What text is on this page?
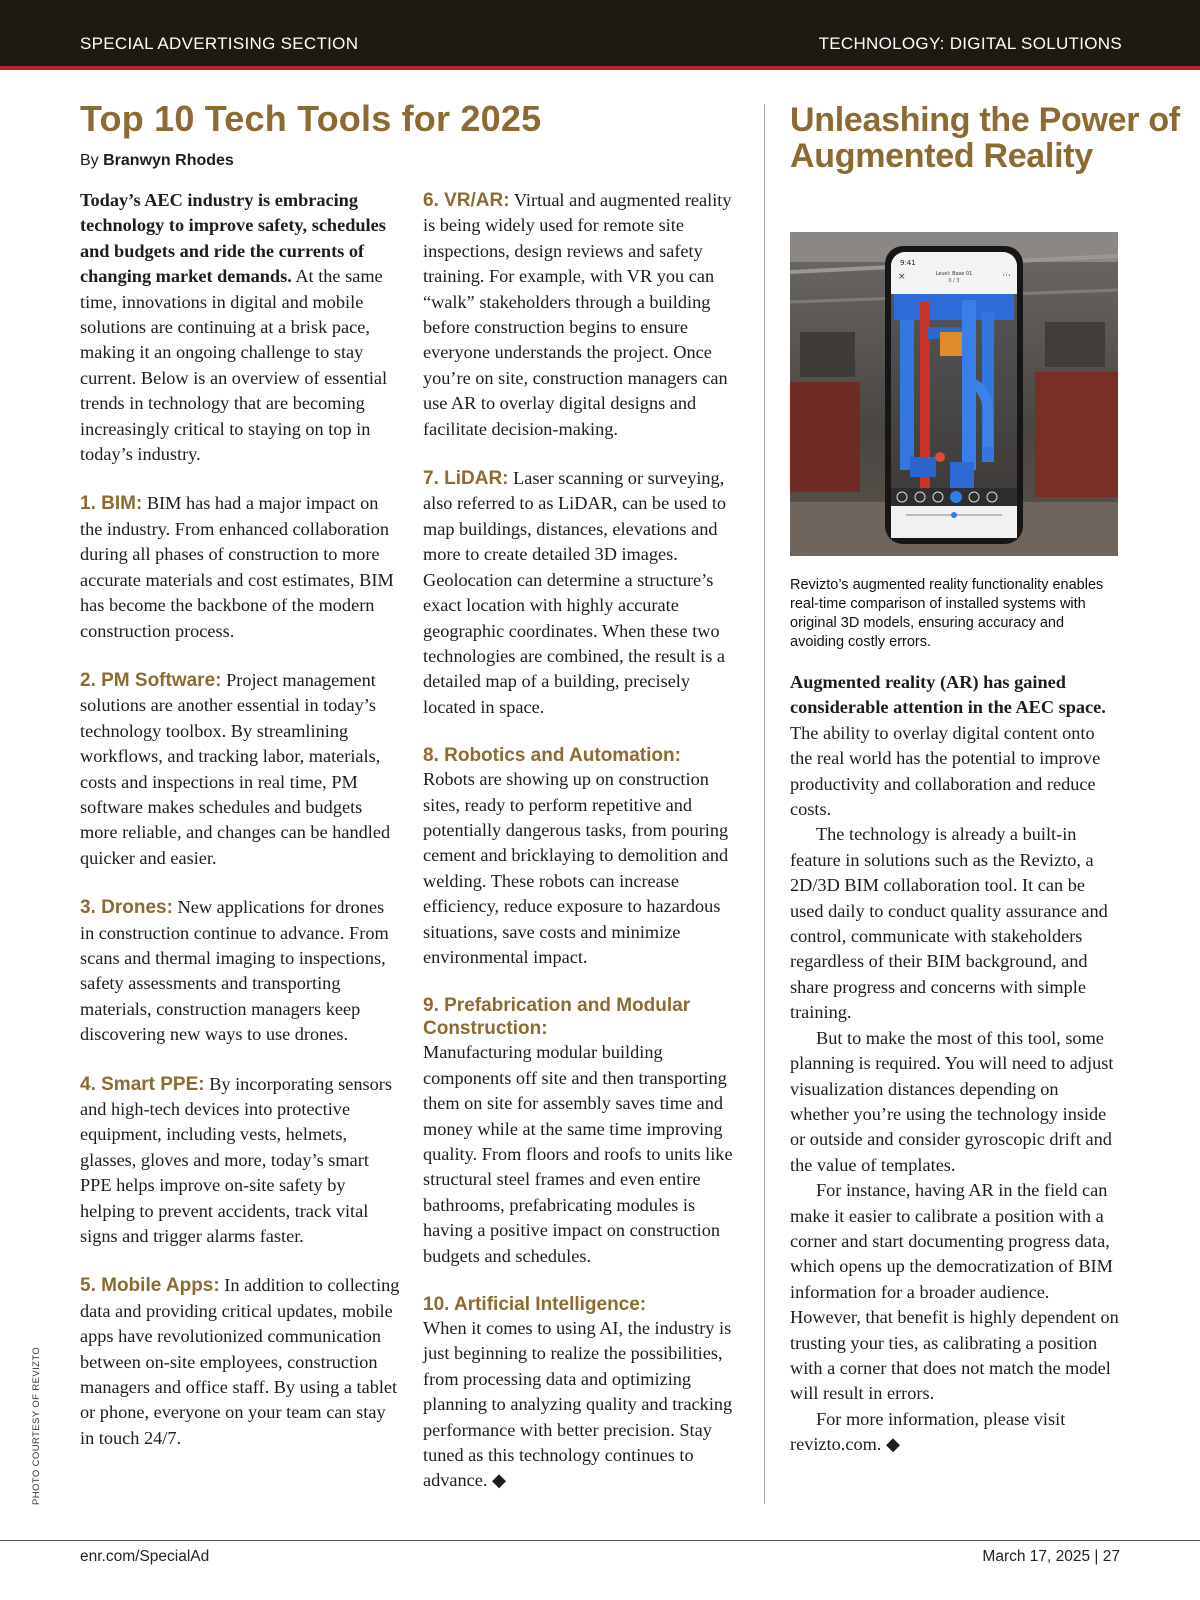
SPECIAL ADVERTISING SECTION	TECHNOLOGY: DIGITAL SOLUTIONS
Top 10 Tech Tools for 2025
By Branwyn Rhodes

Today’s AEC industry is embracing technology to improve safety, schedules and budgets and ride the currents of changing market demands. At the same time, innovations in digital and mobile solutions are continuing at a brisk pace, making it an ongoing challenge to stay current. Below is an overview of essential trends in technology that are becoming increasingly critical to staying on top in today’s industry.

1. BIM: BIM has had a major impact on the industry. From enhanced collaboration during all phases of construction to more accurate materials and cost estimates, BIM has become the backbone of the modern construction process.

2. PM Software: Project management solutions are another essential in today’s technology toolbox. By streamlining workflows, and tracking labor, materials, costs and inspections in real time, PM software makes schedules and budgets more reliable, and changes can be handled quicker and easier.

3. Drones: New applications for drones in construction continue to advance. From scans and thermal imaging to inspections, safety assessments and transporting materials, construction managers keep discovering new ways to use drones.

4. Smart PPE: By incorporating sensors and high-tech devices into protective equipment, including vests, helmets, glasses, gloves and more, today’s smart PPE helps improve on-site safety by helping to prevent accidents, track vital signs and trigger alarms faster.

5. Mobile Apps: In addition to collecting data and providing critical updates, mobile apps have revolutionized communication between on-site employees, construction managers and office staff. By using a tablet or phone, everyone on your team can stay in touch 24/7.

6. VR/AR: Virtual and augmented reality is being widely used for remote site inspections, design reviews and safety training. For example, with VR you can “walk” stakeholders through a building before construction begins to ensure everyone understands the project. Once you’re on site, construction managers can use AR to overlay digital designs and facilitate decision-making.

7. LiDAR: Laser scanning or surveying, also referred to as LiDAR, can be used to map buildings, distances, elevations and more to create detailed 3D images. Geolocation can determine a structure’s exact location with highly accurate geographic coordinates. When these two technologies are combined, the result is a detailed map of a building, precisely located in space.

8. Robotics and Automation:
Robots are showing up on construction sites, ready to perform repetitive and potentially dangerous tasks, from pouring cement and bricklaying to demolition and welding. These robots can increase efficiency, reduce exposure to hazardous situations, save costs and minimize environmental impact.

9. Prefabrication and Modular Construction:
Manufacturing modular building components off site and then transporting them on site for assembly saves time and money while at the same time improving quality. From floors and roofs to units like structural steel frames and even entire bathrooms, prefabricating modules is having a positive impact on construction budgets and schedules.

10. Artificial Intelligence:
When it comes to using AI, the industry is just beginning to realize the possibilities, from processing data and optimizing planning to analyzing quality and tracking performance with better precision. Stay tuned as this technology continues to advance. ◆

Unleashing the Power of Augmented Reality
9:41
Level: Base 01
0 / 3
×	⋯
Revizto’s augmented reality functionality enables real-time comparison of installed systems with original 3D models, ensuring accuracy and avoiding costly errors.

Augmented reality (AR) has gained considerable attention in the AEC space. The ability to overlay digital content onto the real world has the potential to improve productivity and collaboration and reduce costs.

The technology is already a built-in feature in solutions such as the Revizto, a 2D/3D BIM collaboration tool. It can be used daily to conduct quality assurance and control, communicate with stakeholders regardless of their BIM background, and share progress and concerns with simple training.

But to make the most of this tool, some planning is required. You will need to adjust visualization distances depending on whether you’re using the technology inside or outside and consider gyroscopic drift and the value of templates.

For instance, having AR in the field can make it easier to calibrate a position with a corner and start documenting progress data, which opens up the democratization of BIM information for a broader audience. However, that benefit is highly dependent on trusting your ties, as calibrating a position with a corner that does not match the model will result in errors.

For more information, please visit revizto.com. ◆

PHOTO COURTESY OF REVIZTO
enr.com/SpecialAd	March 17, 2025 | 27
